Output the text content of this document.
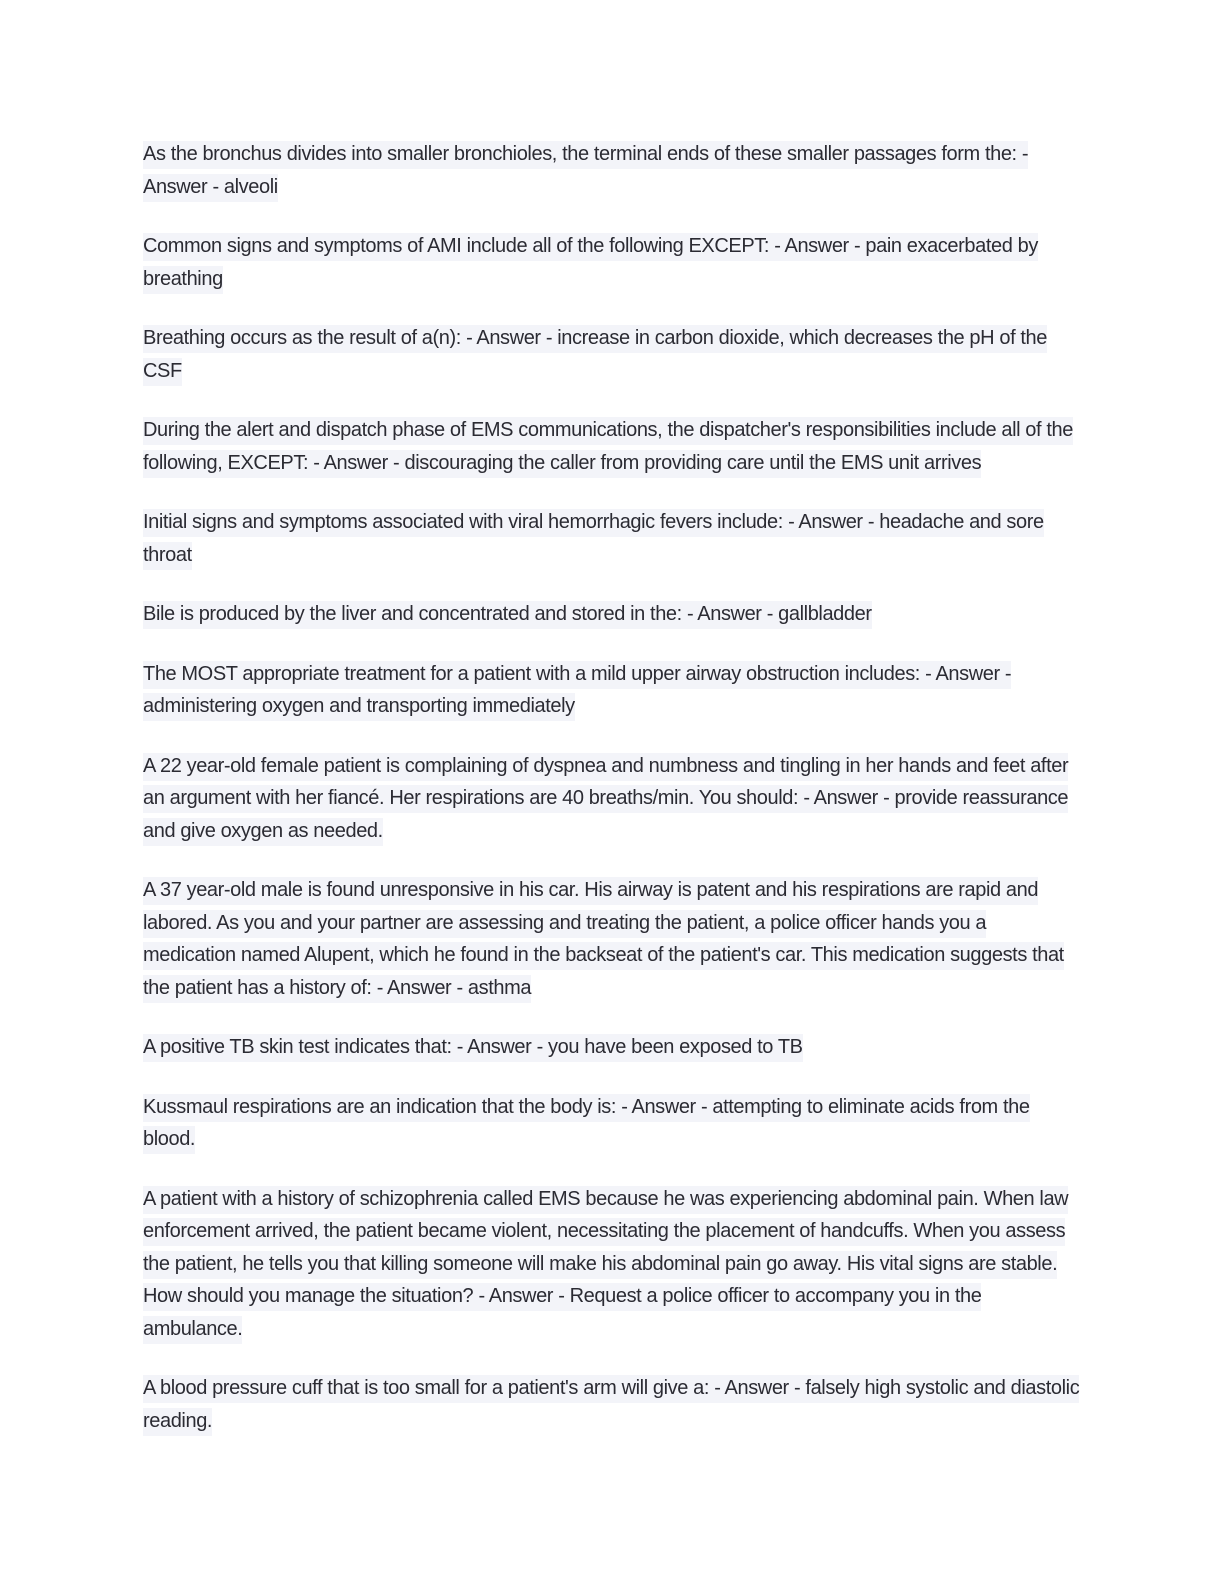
As the bronchus divides into smaller bronchioles, the terminal ends of these smaller passages form the: - Answer - alveoli

Common signs and symptoms of AMI include all of the following EXCEPT: - Answer - pain exacerbated by breathing

Breathing occurs as the result of a(n): - Answer - increase in carbon dioxide, which decreases the pH of the CSF

During the alert and dispatch phase of EMS communications, the dispatcher's responsibilities include all of the following, EXCEPT: - Answer - discouraging the caller from providing care until the EMS unit arrives

Initial signs and symptoms associated with viral hemorrhagic fevers include: - Answer - headache and sore throat

Bile is produced by the liver and concentrated and stored in the: - Answer - gallbladder

The MOST appropriate treatment for a patient with a mild upper airway obstruction includes: - Answer - administering oxygen and transporting immediately

A 22 year-old female patient is complaining of dyspnea and numbness and tingling in her hands and feet after an argument with her fiancé. Her respirations are 40 breaths/min. You should: - Answer - provide reassurance and give oxygen as needed.

A 37 year-old male is found unresponsive in his car. His airway is patent and his respirations are rapid and labored. As you and your partner are assessing and treating the patient, a police officer hands you a medication named Alupent, which he found in the backseat of the patient's car. This medication suggests that the patient has a history of: - Answer - asthma

A positive TB skin test indicates that: - Answer - you have been exposed to TB

Kussmaul respirations are an indication that the body is: - Answer - attempting to eliminate acids from the blood.

A patient with a history of schizophrenia called EMS because he was experiencing abdominal pain. When law enforcement arrived, the patient became violent, necessitating the placement of handcuffs. When you assess the patient, he tells you that killing someone will make his abdominal pain go away. His vital signs are stable. How should you manage the situation? - Answer - Request a police officer to accompany you in the ambulance.

A blood pressure cuff that is too small for a patient's arm will give a: - Answer - falsely high systolic and diastolic reading.
